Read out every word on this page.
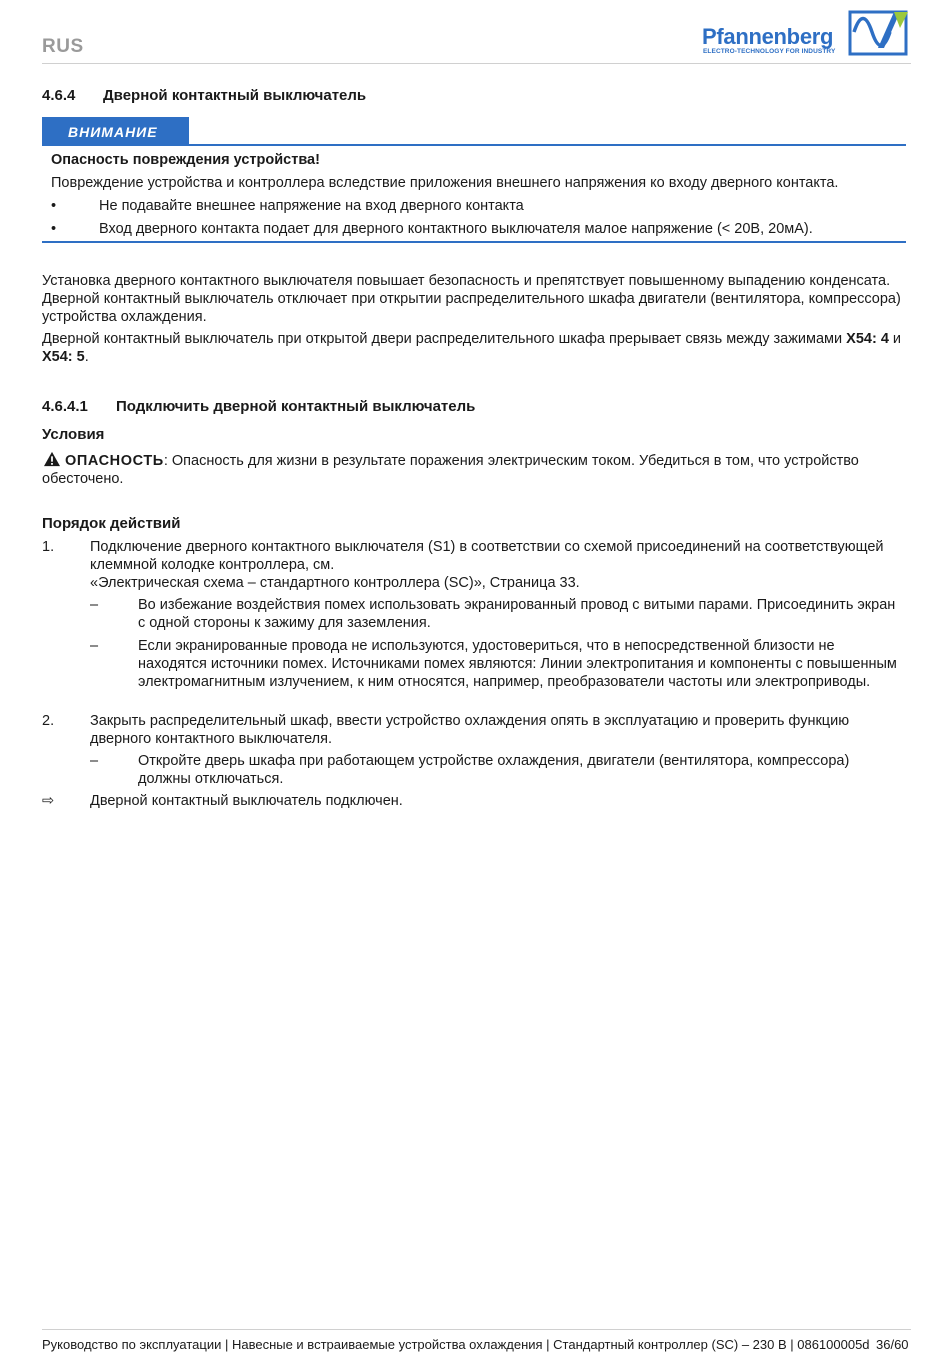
RUS	Pfannenberg
ELECTRO-TECHNOLOGY FOR INDUSTRY
4.6.4 Дверной контактный выключатель
ВНИМАНИЕ
Опасность повреждения устройства!
Повреждение устройства и контроллера вследствие приложения внешнего напряжения ко входу дверного контакта.
•	Не подавайте внешнее напряжение на вход дверного контакта
•	Вход дверного контакта подает для дверного контактного выключателя малое напряжение (< 20В, 20мА).
Установка дверного контактного выключателя повышает безопасность и препятствует повышенному выпадению конденсата. Дверной контактный выключатель отключает при открытии распределительного шкафа двигатели (вентилятора, компрессора) устройства охлаждения.
Дверной контактный выключатель при открытой двери распределительного шкафа прерывает связь между зажимами X54: 4 и X54: 5.
4.6.4.1 Подключить дверной контактный выключатель
Условия
ОПАСНОСТЬ: Опасность для жизни в результате поражения электрическим током. Убедиться в том, что устройство обесточено.
Порядок действий
1. Подключение дверного контактного выключателя (S1) в соответствии со схемой присоединений на соответствующей клеммной колодке контроллера, см.
«Электрическая схема – стандартного контроллера (SC)», Страница 33.
–	Во избежание воздействия помех использовать экранированный провод с витыми парами. Присоединить экран с одной стороны к зажиму для заземления.
–	Если экранированные провода не используются, удостовериться, что в непосредственной близости не находятся источники помех. Источниками помех являются: Линии электропитания и компоненты с повышенным электромагнитным излучением, к ним относятся, например, преобразователи частоты или электроприводы.
2. Закрыть распределительный шкаф, ввести устройство охлаждения опять в эксплуатацию и проверить функцию дверного контактного выключателя.
–	Откройте дверь шкафа при работающем устройстве охлаждения, двигатели (вентилятора, компрессора) должны отключаться.
⇨ Дверной контактный выключатель подключен.
Руководство по эксплуатации | Навесные и встраиваемые устройства охлаждения | Стандартный контроллер (SC) – 230 В | 086100005d 36/60
